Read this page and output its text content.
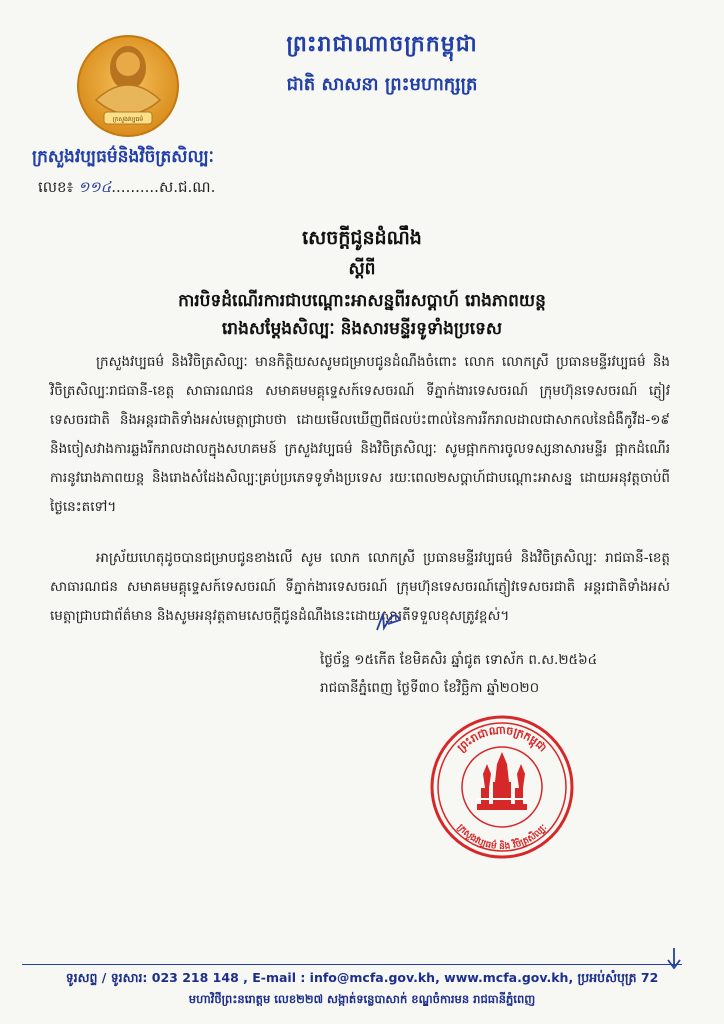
ក្រសួងវប្បធម៌
ព្រះរាជាណាចក្រកម្ពុជា
ជាតិ សាសនា ព្រះមហាក្សត្រ
ក្រសួងវប្បធម៌និងវិចិត្រសិល្បៈ
លេខ៖ ១១៤..........ស.ជ.ណ.
សេចក្តីជូនដំណឹង
ស្តីពី
ការបិទដំណើរការជាបណ្តោះអាសន្នពីរសប្តាហ៍ រោងភាពយន្ត
រោងសម្តែងសិល្បៈ និងសារមន្ទីរទូទាំងប្រទេស
ក្រសួងវប្បធម៌ និងវិចិត្រសិល្បៈ មានកិត្តិយសសូមជម្រាបជូនដំណឹងចំពោះ លោក លោកស្រី ប្រធានមន្ទីរវប្បធម៌ និងវិចិត្រសិល្បៈរាជធានី-ខេត្ត សាធារណជន សមាគមមគ្គុទ្ទេសក៍ទេសចរណ៍ ទីភ្នាក់ងារទេសចរណ៍ ក្រុមហ៊ុនទេសចរណ៍ ភ្ញៀវទេសចរជាតិ និងអន្តរជាតិទាំងអស់មេត្តាជ្រាបថា ដោយមើលឃើញពីផលប៉ះពាល់នៃការរីករាលដាលជាសាកលនៃជំងឺកូវីដ-១៩ និងចៀសវាងការឆ្លងរីករាលដាលក្នុងសហគមន៍ ក្រសួងវប្បធម៌ និងវិចិត្រសិល្បៈ សូមផ្អាកការចូលទស្សនាសារមន្ទីរ ផ្អាកដំណើរការនូវរោងភាពយន្ត និងរោងសំដែងសិល្បៈគ្រប់ប្រភេទទូទាំងប្រទេស រយៈពេល២សប្តាហ៍ជាបណ្តោះអាសន្ន ដោយអនុវត្តចាប់ពីថ្ងៃនេះតទៅ។
អាស្រ័យហេតុដូចបានជម្រាបជូនខាងលើ សូម លោក លោកស្រី ប្រធានមន្ទីរវប្បធម៌ និងវិចិត្រសិល្បៈ រាជធានី-ខេត្ត សាធារណជន សមាគមមគ្គុទ្ទេសក៍ទេសចរណ៍ ទីភ្នាក់ងារទេសចរណ៍ ក្រុមហ៊ុនទេសចរណ៍ភ្ញៀវទេសចរជាតិ អន្តរជាតិទាំងអស់ មេត្តាជ្រាបជាព័ត៌មាន និងសូមអនុវត្តតាមសេចក្តីជូនដំណឹងនេះដោយស្មារតីទទួលខុសត្រូវខ្ពស់។
ថ្ងៃច័ន្ទ ១៥កើត ខែមិគសិរ ឆ្នាំជូត ទោស័ក ព.ស.២៥៦៤
រាជធានីភ្នំពេញ ថ្ងៃទី៣០ ខែវិច្ឆិកា ឆ្នាំ២០២០
ព្រះរាជាណាចក្រកម្ពុជា
ក្រសួងវប្បធម៌ និង វិចិត្រសិល្បៈ
ទូរសព្ទ / ទូរសារ: 023 218 148 , E-mail : info@mcfa.gov.kh, www.mcfa.gov.kh, ប្រអប់សំបុត្រ 72
មហាវិថីព្រះនរោត្តម លេខ២២៧ សង្កាត់ទន្លេបាសាក់ ខណ្ឌចំការមន រាជធានីភ្នំពេញ
